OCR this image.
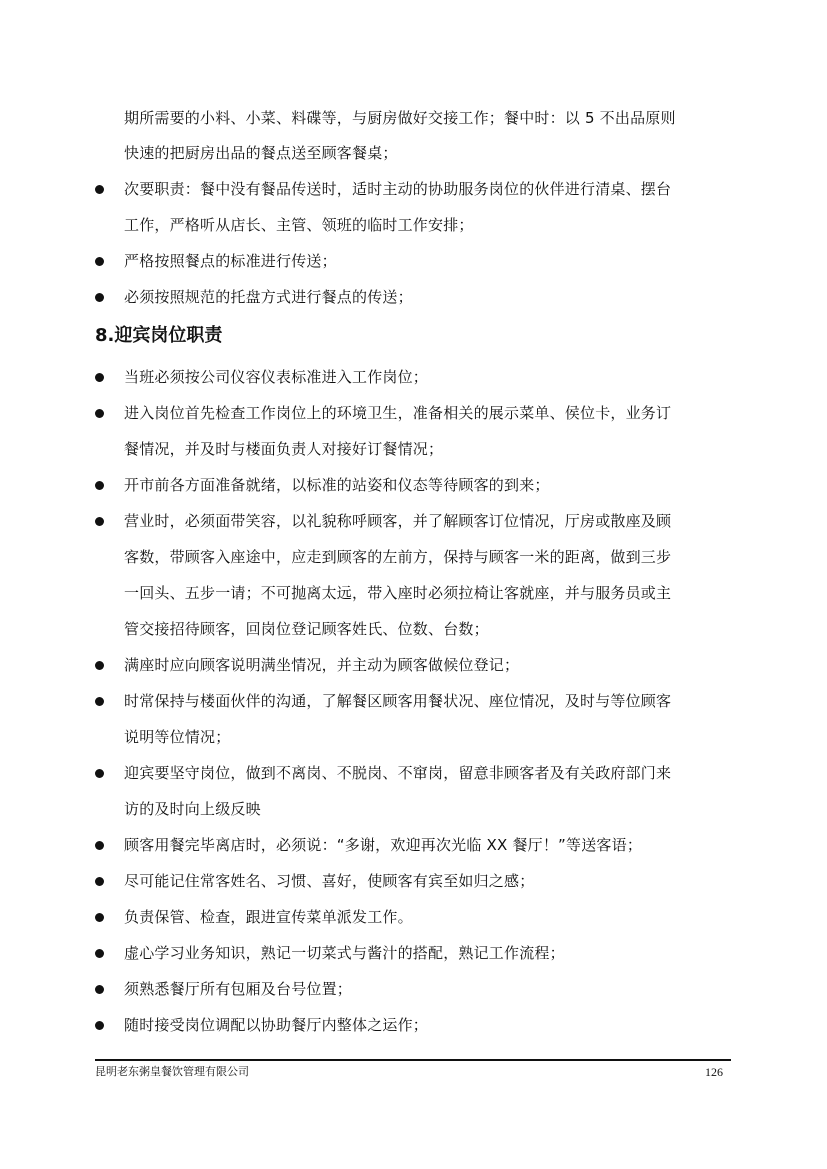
期所需要的小料、小菜、料碟等，与厨房做好交接工作；餐中时：以 5 不出品原则
快速的把厨房出品的餐点送至顾客餐桌；
次要职责：餐中没有餐品传送时，适时主动的协助服务岗位的伙伴进行清桌、摆台
工作，严格听从店长、主管、领班的临时工作安排；
严格按照餐点的标准进行传送；
必须按照规范的托盘方式进行餐点的传送；
8.迎宾岗位职责
当班必须按公司仪容仪表标准进入工作岗位；
进入岗位首先检查工作岗位上的环境卫生，准备相关的展示菜单、侯位卡，业务订
餐情况，并及时与楼面负责人对接好订餐情况；
开市前各方面准备就绪，以标准的站姿和仪态等待顾客的到来；
营业时，必须面带笑容，以礼貌称呼顾客，并了解顾客订位情况，厅房或散座及顾
客数，带顾客入座途中，应走到顾客的左前方，保持与顾客一米的距离，做到三步
一回头、五步一请；不可抛离太远，带入座时必须拉椅让客就座，并与服务员或主
管交接招待顾客，回岗位登记顾客姓氏、位数、台数；
满座时应向顾客说明满坐情况，并主动为顾客做候位登记；
时常保持与楼面伙伴的沟通，了解餐区顾客用餐状况、座位情况，及时与等位顾客
说明等位情况；
迎宾要坚守岗位，做到不离岗、不脱岗、不窜岗，留意非顾客者及有关政府部门来
访的及时向上级反映
顾客用餐完毕离店时，必须说：“多谢，欢迎再次光临 XX 餐厅！”等送客语；
尽可能记住常客姓名、习惯、喜好，使顾客有宾至如归之感；
负责保管、检查，跟进宣传菜单派发工作。
虚心学习业务知识，熟记一切菜式与酱汁的搭配，熟记工作流程；
须熟悉餐厅所有包厢及台号位置；
随时接受岗位调配以协助餐厅内整体之运作；
昆明老东粥皇餐饮管理有限公司	126
